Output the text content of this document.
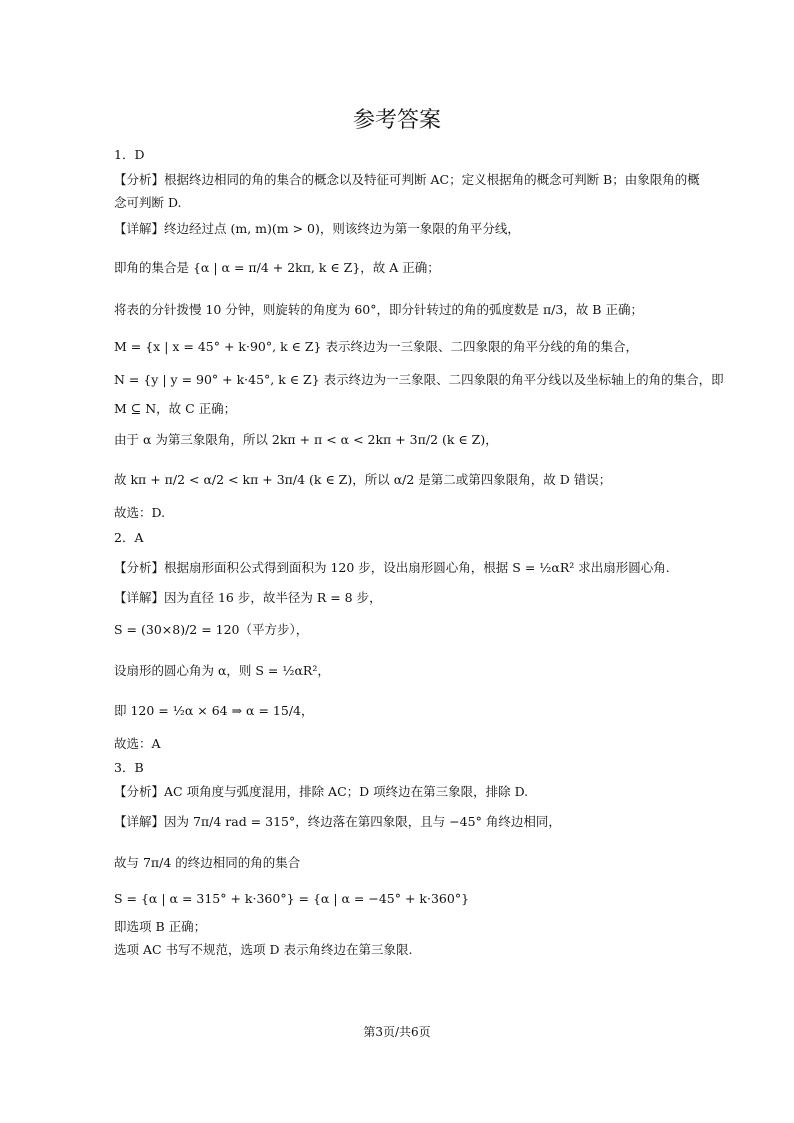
参考答案
1．D
【分析】根据终边相同的角的集合的概念以及特征可判断 AC；定义根据角的概念可判断 B；由象限角的概
念可判断 D.
【详解】终边经过点 (m, m)(m > 0)，则该终边为第一象限的角平分线，
即角的集合是 {α | α = π/4 + 2kπ, k ∈ Z}，故 A 正确；
将表的分针拨慢 10 分钟，则旋转的角度为 60°，即分针转过的角的弧度数是 π/3，故 B 正确；
M = {x | x = 45° + k·90°, k ∈ Z} 表示终边为一三象限、二四象限的角平分线的角的集合，
N = {y | y = 90° + k·45°, k ∈ Z} 表示终边为一三象限、二四象限的角平分线以及坐标轴上的角的集合，即
M ⊆ N，故 C 正确；
由于 α 为第三象限角，所以 2kπ + π < α < 2kπ + 3π/2 (k ∈ Z)，
故 kπ + π/2 < α/2 < kπ + 3π/4 (k ∈ Z)，所以 α/2 是第二或第四象限角，故 D 错误；
故选：D.
2．A
【分析】根据扇形面积公式得到面积为 120 步，设出扇形圆心角，根据 S = ½αR² 求出扇形圆心角.
【详解】因为直径 16 步，故半径为 R = 8 步，
S = (30×8)/2 = 120（平方步），
设扇形的圆心角为 α，则 S = ½αR²，
即 120 = ½α × 64 ⇒ α = 15/4，
故选：A
3．B
【分析】AC 项角度与弧度混用，排除 AC；D 项终边在第三象限，排除 D.
【详解】因为 7π/4 rad = 315°，终边落在第四象限，且与 −45° 角终边相同，
故与 7π/4 的终边相同的角的集合
S = {α | α = 315° + k·360°} = {α | α = −45° + k·360°}
即选项 B 正确；
选项 AC 书写不规范，选项 D 表示角终边在第三象限.
第3页/共6页
